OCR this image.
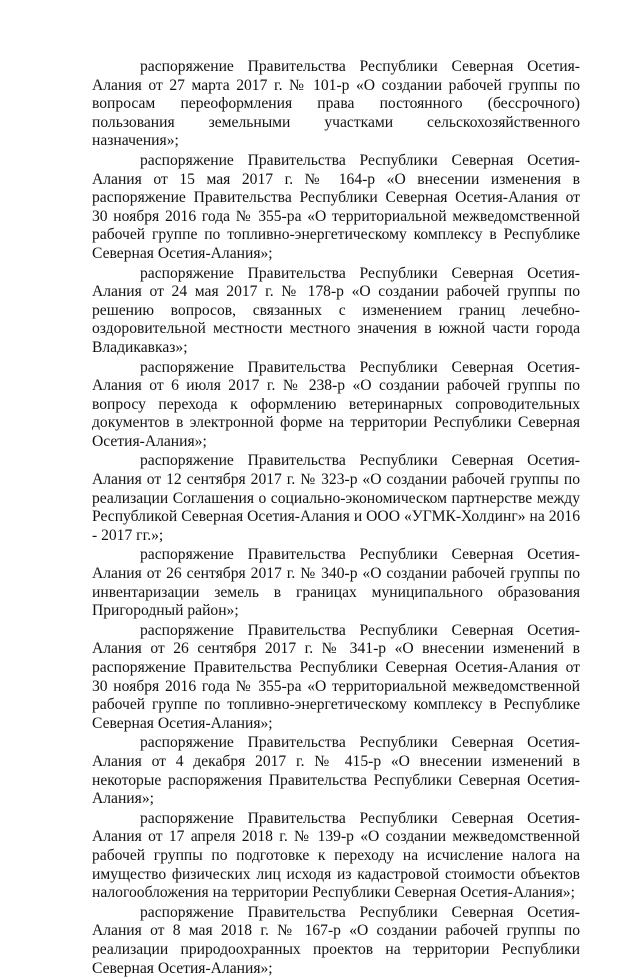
распоряжение Правительства Республики Северная Осетия-Алания от 27 марта 2017 г. № 101-р «О создании рабочей группы по вопросам переоформления права постоянного (бессрочного) пользования земельными участками сельскохозяйственного назначения»;

распоряжение Правительства Республики Северная Осетия-Алания от 15 мая 2017 г. № 164-р «О внесении изменения в распоряжение Правительства Республики Северная Осетия-Алания от 30 ноября 2016 года № 355-ра «О территориальной межведомственной рабочей группе по топливно-энергетическому комплексу в Республике Северная Осетия-Алания»;

распоряжение Правительства Республики Северная Осетия-Алания от 24 мая 2017 г. № 178-р «О создании рабочей группы по решению вопросов, связанных с изменением границ лечебно-оздоровительной местности местного значения в южной части города Владикавказ»;

распоряжение Правительства Республики Северная Осетия-Алания от 6 июля 2017 г. № 238-р «О создании рабочей группы по вопросу перехода к оформлению ветеринарных сопроводительных документов в электронной форме на территории Республики Северная Осетия-Алания»;

распоряжение Правительства Республики Северная Осетия-Алания от 12 сентября 2017 г. № 323-р «О создании рабочей группы по реализации Соглашения о социально-экономическом партнерстве между Республикой Северная Осетия-Алания и ООО «УГМК-Холдинг» на 2016 - 2017 гг.»;

распоряжение Правительства Республики Северная Осетия-Алания от 26 сентября 2017 г. № 340-р «О создании рабочей группы по инвентаризации земель в границах муниципального образования Пригородный район»;

распоряжение Правительства Республики Северная Осетия-Алания от 26 сентября 2017 г. № 341-р «О внесении изменений в распоряжение Правительства Республики Северная Осетия-Алания от 30 ноября 2016 года № 355-ра «О территориальной межведомственной рабочей группе по топливно-энергетическому комплексу в Республике Северная Осетия-Алания»;

распоряжение Правительства Республики Северная Осетия-Алания от 4 декабря 2017 г. № 415-р «О внесении изменений в некоторые распоряжения Правительства Республики Северная Осетия-Алания»;

распоряжение Правительства Республики Северная Осетия-Алания от 17 апреля 2018 г. № 139-р «О создании межведомственной рабочей группы по подготовке к переходу на исчисление налога на имущество физических лиц исходя из кадастровой стоимости объектов налогообложения на территории Республики Северная Осетия-Алания»;

распоряжение Правительства Республики Северная Осетия-Алания от 8 мая 2018 г. № 167-р «О создании рабочей группы по реализации природоохранных проектов на территории Республики Северная Осетия-Алания»;
